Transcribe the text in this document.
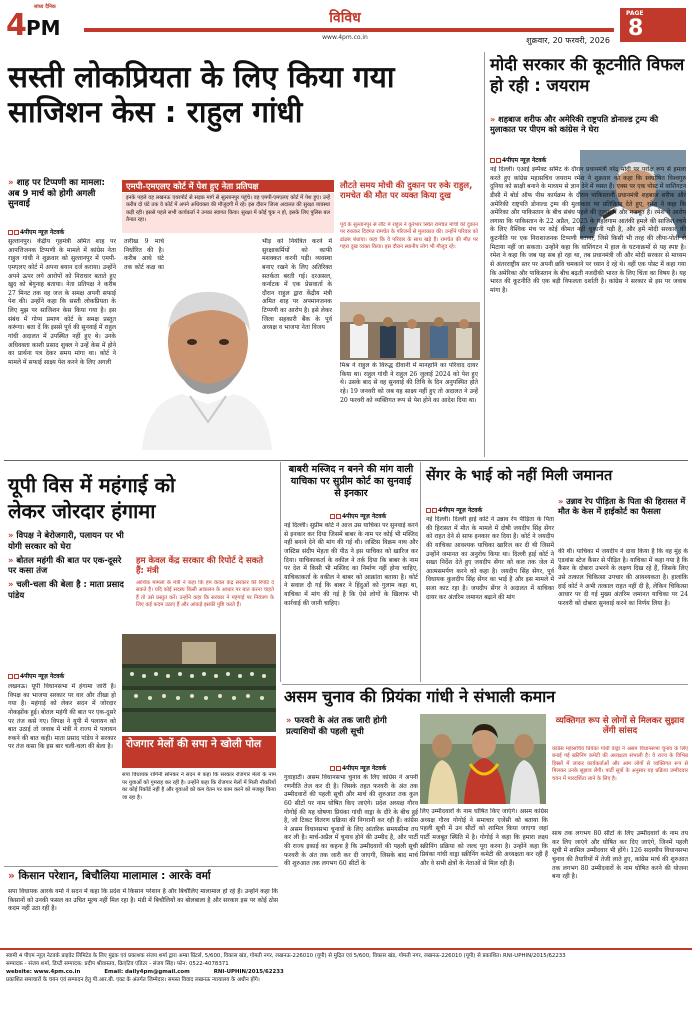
सांध्य दैनिक
4 PM	विविध
www.4pm.co.in	शुक्रवार, 20 फरवरी, 2026
PAGE
8
सस्ती लोकप्रियता के लिए किया गया साजिशन केस : राहुल गांधी
» शाह पर टिप्पणी का मामला: अब 9 मार्च को होगी अगली सुनवाई
4पीएम न्यूज़ नेटवर्क
सुल्तानपुर। केंद्रीय गृहमंत्री अमित शाह पर आपत्तिजनक टिप्पणी के मामले में कांग्रेस नेता राहुल गांधी ने शुक्रवार को सुल्तानपुर में एमपी-एमएलए कोर्ट में अपना बयान दर्ज कराया। उन्होंने अपने ऊपर लगे आरोपों को निराधार बताते हुए खुद को बेगुनाह बताया। नेता प्रतिपक्ष ने करीब 27 मिनट तक वह जज के समक्ष अपनी सफाई पेश की। उन्होंने कहा कि सस्ती लोकप्रियता के लिए मुझ पर साजिशन केस किया गया है। इस संबंध में गोप्य प्रमाण कोर्ट के समक्ष प्रस्तुत करूंगा। बता दें कि इससे पूर्व की सुनवाई में राहुल गांधी अदालत में उपस्थित नहीं हुए थे। उनके अधिवक्ता काशी प्रसाद शुक्ल ने उन्हें केस में होने का प्रार्थना पत्र देकर समय मांगा था। कोर्ट ने मामले में सफाई साक्ष्य पेश करने के लिए अगली
एमपी-एमएलए कोर्ट में पेश हुए नेता प्रतिपक्ष
इनके पहले वह लखनऊ एयरपोर्ट से सड़क मार्ग से सुल्तानपुर पहुंचे। वह एमपी-एमएलए कोर्ट में पेश हुए। उन्हें करीब दो घंटे तक वे कोर्ट में अपने अधिवक्ता की मौजूदगी में रहे। इस दौरान जिला अदालत की सुरक्षा व्यवस्था कड़ी रही। इससे पहले सभी कार्यकर्ता ने उनका स्वागत किया। सुरक्षा में कोई चूक न हो, इसके लिए पुलिस बल तैनात रहा।
तारीख 9 मार्च निर्धारित की है। करीब आधे घंटे तक कोर्ट कक्ष का
भीड़ को नियंत्रित करने में सुरक्षाकर्मियों को काफी मशक्कत करनी पड़ी। व्यवस्था बनाए रखने के लिए अतिरिक्त सतर्कता बरती गई। दरअसल, कर्नाटक में एक प्रेसवार्ता के दौरान राहुल द्वारा केंद्रीय मंत्री अमित शाह पर अपमानजनक टिप्पणी का आरोप है। इसे लेकर जिला सहकारी बैंक के पूर्व अध्यक्ष व भाजपा नेता विजय
लौटते समय मोची की दुकान पर रुके राहुल, रामचेत की मौत पर व्यक्त किया दुख
पूर्व के सुल्तानपुर से लौट में राहुल ने कूरेभार स्थित रामचेत मोची की दुकान पर रुककर दिवंगत रामचेत के परिजनों से मुलाकात की। उन्होंने परिवार को ढांढस बंधाया। कहा कि वे परिवार के साथ खड़े हैं। रामचेत की मौत पर गहरा दुख व्यक्त किया। इस दौरान स्थानीय लोग भी मौजूद रहे।
मिश्र ने राहुल के विरुद्ध दीवानी में मानहानि का परिवाद दायर किया था। राहुल गांधी ने राहुल 26 जुलाई 2024 को पेश हुए थे। उसके बाद से वह सुनवाई की तिथि के दिन अनुपस्थित होते रहे। 19 जनवरी को जब यह साक्ष्य नहीं हुए तो अदालत ने उन्हें 20 फरवरी को व्यक्तिगत रूप से पेश होने का आदेश दिया था।
मोदी सरकार की कूटनीति विफल हो रही : जयराम
» शहबाज शरीफ और अमेरिकी राष्ट्रपति डोनाल्ड ट्रम्प की मुलाकात पर पीएम को कांग्रेस ने घेरा
4पीएम न्यूज़ नेटवर्क
नई दिल्ली। एआई इम्पैक्ट समिट के दौरान प्रधानमंत्री नरेंद्र मोदी पर परोक्ष रूप से हमला करते हुए कांग्रेस महासचिव जयराम रमेश ने शुक्रवार को कहा कि स्वघोषित विश्वगुरु दुनिया को साक्षी बनाने के माध्यम से ज्ञान देने में व्यस्त हैं। एक्स पर एक पोस्ट में वाशिंगटन डीसी में बोर्ड ऑफ पीस कार्यक्रम के दौरान पाकिस्तानी प्रधानमंत्री शहबाज शरीफ और अमेरिकी राष्ट्रपति डोनाल्ड ट्रम्प की मुलाकात पर प्रतिक्रिया देते हुए, रमेश ने कहा कि अमेरिका और पाकिस्तान के बीच संबंध पहले की तुलना में और मजबूत हैं। रमेश ने आरोप लगाया कि पाकिस्तान के 22 अप्रैल, 2025 के पहलगाम आतंकी हमले की साजिश रचने के लिए वैश्विक मंच पर कोई कीमत नहीं चुकानी पड़ी है, और हमें मोदी सरकार की कूटनीति पर एक निराशाजनक टिप्पणी बताया, जिसे किसी भी तरह की लीपा-पोती से मिटाया नहीं जा सकता। उन्होंने कहा कि वाशिंगटन में हाल के घटनाक्रमों से यह स्पष्ट है। रमेश ने कहा कि जब यह सब हो रहा था, तब प्रधानमंत्री जी और मोदी सरकार से माध्यम से अंतरराष्ट्रीय स्तर पर अपनी छवि चमकाने पर ध्यान दे रहे थे। वहीं एक पोस्ट में कहा गया कि अमेरिका और पाकिस्तान के बीच बढ़ती नजदीकी भारत के लिए चिंता का विषय है। यह भारत की कूटनीति की एक बड़ी विफलता दर्शाती है। कांग्रेस ने सरकार से इस पर जवाब मांगा है।
यूपी विस में महंगाई को लेकर जोरदार हंगामा
» विपक्ष ने बेरोजगारी, पलायन पर भी योगी सरकार को घेरा
» बोतल महंगी की बात पर एक-दूसरे पर कसा तंज
» चली-चला की बेला है : माता प्रसाद पांडेय
4पीएम न्यूज़ नेटवर्क
लखनऊ। यूपी विधानसभा में हंगामा जारी है। विपक्ष का भाजपा सरकार पर वार और तीखा हो गया है। महंगाई को लेकर सदन में जोरदार नोकझोंक हुई। बोतल महंगी की बात पर एक-दूसरे पर तंज कसे गए। विपक्ष ने यूपी में पलायन को बात उठाई तो जवाब में मंत्री ने राज्य में पलायन रुकने की बात कही। माता प्रसाद पांडेय ने सरकार पर तंज कसा कि इस बार चली-चला की बेला है।
हम केवल केंद्र सरकार की रिपोर्ट दे सकते हैं: मंत्री
आर्थिक मामलों के मंत्री ने कहा कि हम केवल केंद्र सरकार की रिपोर्ट दे सकते हैं। यदि कोई सदस्य किसी आकलन के आधार पर बात करना चाहते हैं तो उसे प्रस्तुत करें। उन्होंने कहा कि सरकार ने महंगाई पर नियंत्रण के लिए कई कदम उठाए हैं और आंकड़े इसकी पुष्टि करते हैं।
रोजगार मेलों की सपा ने खोली पोल
सपा विधायक रागिनी सोनकर ने सदन में कहा कि सरकार रोजगार मेलों के नाम पर युवाओं को गुमराह कर रही है। उन्होंने कहा कि रोजगार मेलों में मिली नौकरियों का कोई रिकॉर्ड नहीं है और युवाओं को कम वेतन पर काम करने को मजबूर किया जा रहा है।
» किसान परेशान, बिचौलिया मालामाल : आरके वर्मा
सपा विधायक आरके वर्मा ने सदन में कहा कि प्रदेश में किसान परेशान है और बिचौलिए मालामाल हो रहे हैं। उन्होंने कहा कि किसानों को उनकी फसल का उचित मूल्य नहीं मिल रहा है। मंडी में बिचौलियों का बोलबाला है और सरकार इस पर कोई ठोस कदम नहीं उठा रही है।
बाबरी मस्जिद न बनने की मांग वाली याचिका पर सुप्रीम कोर्ट का सुनवाई से इनकार
4पीएम न्यूज़ नेटवर्क
नई दिल्ली। सुप्रीम कोर्ट ने आज उस याचिका पर सुनवाई करने से इनकार कर दिया जिसमें बाबर के नाम पर कोई भी मस्जिद नहीं बनाने देने की मांग की गई थी। जस्टिस विक्रम नाथ और जस्टिस संदीप मेहता की पीठ ने इस याचिका को खारिज कर दिया। याचिकाकर्ता के वकील ने तर्क दिया कि बाबर के नाम पर देश में किसी भी मस्जिद का निर्माण नहीं होना चाहिए, याचिकाकर्ता के वकील ने बाबर को आक्रांता बताया है। कोर्ट ने सवाल दी गई कि बाबर ने हिंदुओं को गुलाम कहा था, याचिका में मांग की गई है कि ऐसे लोगों के खिलाफ भी कार्रवाई की जानी चाहिए।
सेंगर के भाई को नहीं मिली जमानत
4पीएम न्यूज़ नेटवर्क
नई दिल्ली। दिल्ली हाई कोर्ट ने उन्नाव रेप पीड़िता के पिता की हिरासत में मौत के मामले में दोषी जयदीप सिंह सेंगर को राहत देने से साफ इनकार कर दिया है। कोर्ट ने जयदीप की याचिका आवश्यक याचिका खारिज कर दी थी जिसमें उन्होंने जमानत का अनुरोध किया था। दिल्ली हाई कोर्ट ने सख्त निर्देश देते हुए जयदीप सेंगर को कल तक जेल में आत्मसमर्पण करने को कहा है। जयदीप सिंह सेंगर, पूर्व विधायक कुलदीप सिंह सेंगर का भाई है और इस मामले में सजा काट रहा है। जयदीप सेंगर ने अदालत में याचिका दायर कर अंतरिम जमानत बढ़ाने की मांग
» उन्नाव रेप पीड़िता के पिता की हिरासत में मौत के केस में हाईकोर्ट का फैसला
की थी। याचिका में जयदीप ने दावा किया है कि वह मुंह के एडवांस स्टेज कैंसर से पीड़ित है। याचिका में कहा गया है कि कैंसर के दोबारा उभरने के लक्षण दिख रहे हैं, जिसके लिए उसे तत्काल चिकित्सा उपचार की आवश्यकता है। हालांकि हाई कोर्ट ने अभी तत्काल राहत नहीं दी है, लेकिन चिकित्सा आधार पर दी गई मुख्य अंतरिम जमानत याचिका पर 24 फरवरी को दोबारा सुनवाई करने का निर्णय लिया है।
असम चुनाव की प्रियंका गांधी ने संभाली कमान
» फरवरी के अंत तक जारी होगी प्रत्याशियों की पहली सूची
4पीएम न्यूज़ नेटवर्क
गुवाहाटी। असम विधानसभा चुनाव के लिए कांग्रेस ने अपनी रणनीति तेज कर दी है। जिसके तहत फरवरी के अंत तक उम्मीदवारों की पहली सूची और मार्च की शुरुआत तक कुल 60 सीटों पर नाम घोषित किए जाएंगे। प्रदेश अध्यक्ष गौरव गोगोई की यह घोषणा प्रियंका गांधी वाड्रा के दौरे के बीच हुई है, जो टिकट वितरण प्रक्रिया की निगरानी कर रही हैं। कांग्रेस ने असम विधानसभा चुनावों के लिए आंतरिक समयसीमा तय कर ली है। मार्च-अप्रैल में चुनाव होने की उम्मीद है, और पार्टी की राज्य इकाई का कहना है कि उम्मीदवारों की पहली सूची फरवरी के अंत तक जारी कर दी जाएगी, जिसके बाद मार्च की शुरुआत तक लगभग 60 सीटों के
लिए उम्मीदवारों के नाम घोषित किए जाएंगे। असम कांग्रेस अध्यक्ष गौरव गोगोई ने समाचार एजेंसी को बताया कि पहली सूची में उन सीटों को शामिल किया जाएगा जहां पार्टी मजबूत स्थिति में है। गोगोई ने कहा कि हमारा लक्ष्य स्क्रीनिंग प्रक्रिया को जल्द पूरा करना है। उन्होंने कहा कि प्रियंका गांधी वाड्रा स्क्रीनिंग कमेटी की अध्यक्षता कर रही हैं और वे सभी क्षेत्रों के नेताओं से मिल रही हैं।
व्यक्तिगत रूप से लोगों से मिलकर सुझाव लेंगी सांसद
कांग्रेस महासचिव प्रियंका गांधी वाड्रा ने असम विधानसभा चुनाव के लिए बनाई गई स्क्रीनिंग कमेटी की अध्यक्षता संभाली है। वे राज्य के विभिन्न हिस्सों में जाकर कार्यकर्ताओं और आम लोगों से व्यक्तिगत रूप से मिलकर उनके सुझाव लेंगी। पार्टी सूत्रों के अनुसार यह प्रक्रिया उम्मीदवार चयन में पारदर्शिता लाने के लिए है।
साथ तक लगभग 80 सीटों के लिए उम्मीदवारों के नाम तय कर लिए जाएंगे और घोषित कर दिए जाएंगे, जिनमें पहली सूची में शामिल उम्मीदवार भी होंगे। 126 सदस्यीय विधानसभा चुनाव की तैयारियों में तेजी लाते हुए, कांग्रेस मार्च की शुरुआत तक लगभग 80 उम्मीदवारों के नाम घोषित करने की योजना बना रही है।
स्वामी 4 पीएम न्यूज़ नेटवर्क प्राइवेट लिमिटेड के लिए मुद्रक एवं प्रकाशक संजय शर्मा द्वारा अम्बा प्रिंटर्स, 5/600, विकास खंड, गोमती नगर, लखनऊ-226010 (यूपी) से मुद्रित एवं 5/600, विकास खंड, गोमती नगर, लखनऊ-226010 (यूपी) से प्रकाशित। RNI-UPHIN/2015/62233
सम्पादक - संजय शर्मा, डिप्टी सम्पादक: प्रदीप श्रीवास्तव, क्रिएटिव एडिटर - संजय सिंह। फोन: 0522-4078371
website: www.4pm.co.in	Email: daily4pm@gmail.com	RNI-UPHIN/2015/62233
प्रकाशित समाचारों के चयन एवं सम्पादन हेतु पी.आर.बी. एक्ट के अंतर्गत जिम्मेदार। समस्त विवाद लखनऊ न्यायालय के अधीन होंगे।
